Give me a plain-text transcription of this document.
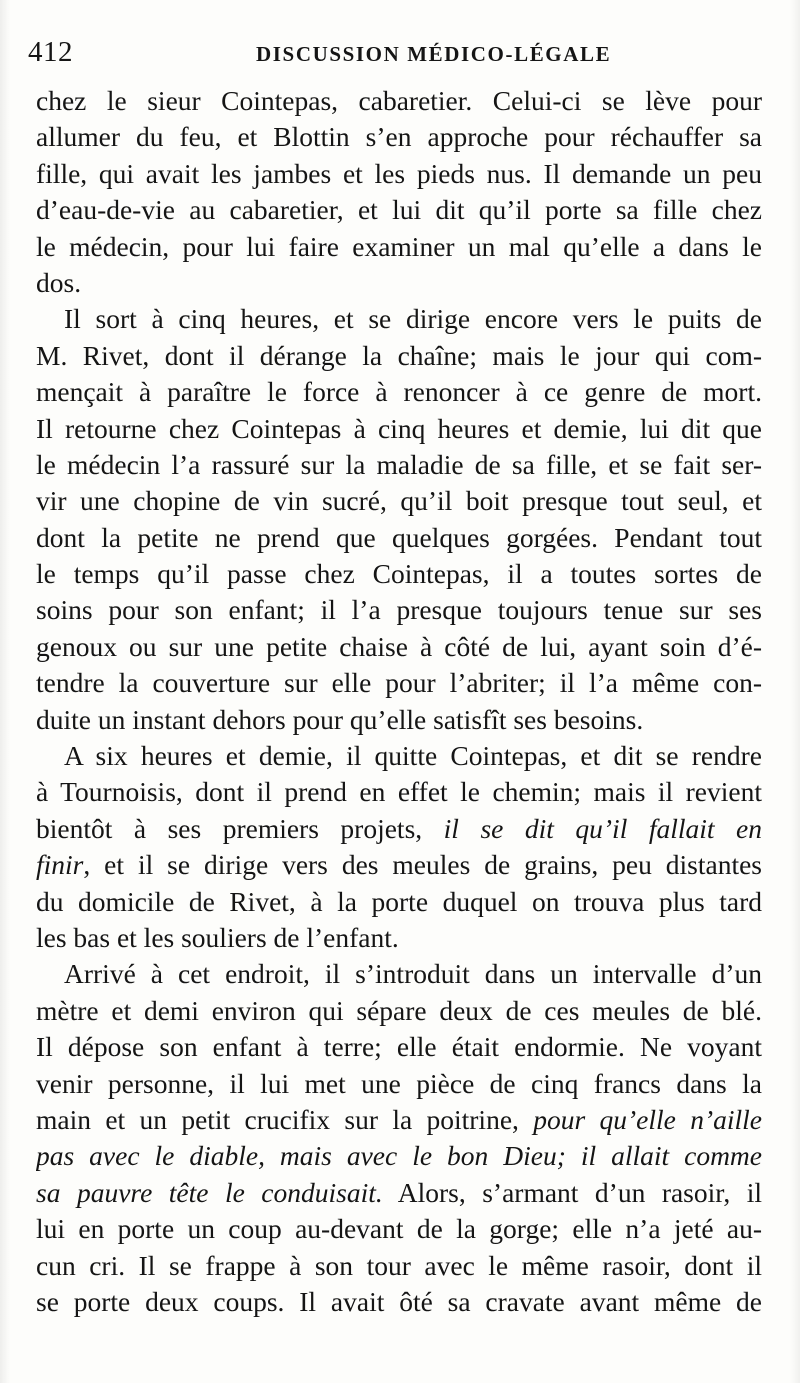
412	DISCUSSION MÉDICO-LÉGALE
chez le sieur Cointepas, cabaretier. Celui-ci se lève pour
allumer du feu, et Blottin s’en approche pour réchauffer sa
fille, qui avait les jambes et les pieds nus. Il demande un peu
d’eau-de-vie au cabaretier, et lui dit qu’il porte sa fille chez
le médecin, pour lui faire examiner un mal qu’elle a dans le
dos.
Il sort à cinq heures, et se dirige encore vers le puits de
M. Rivet, dont il dérange la chaîne; mais le jour qui com-
mençait à paraître le force à renoncer à ce genre de mort.
Il retourne chez Cointepas à cinq heures et demie, lui dit que
le médecin l’a rassuré sur la maladie de sa fille, et se fait ser-
vir une chopine de vin sucré, qu’il boit presque tout seul, et
dont la petite ne prend que quelques gorgées. Pendant tout
le temps qu’il passe chez Cointepas, il a toutes sortes de
soins pour son enfant; il l’a presque toujours tenue sur ses
genoux ou sur une petite chaise à côté de lui, ayant soin d’é-
tendre la couverture sur elle pour l’abriter; il l’a même con-
duite un instant dehors pour qu’elle satisfît ses besoins.
A six heures et demie, il quitte Cointepas, et dit se rendre
à Tournoisis, dont il prend en effet le chemin; mais il revient
bientôt à ses premiers projets, il se dit qu’il fallait en
finir, et il se dirige vers des meules de grains, peu distantes
du domicile de Rivet, à la porte duquel on trouva plus tard
les bas et les souliers de l’enfant.
Arrivé à cet endroit, il s’introduit dans un intervalle d’un
mètre et demi environ qui sépare deux de ces meules de blé.
Il dépose son enfant à terre; elle était endormie. Ne voyant
venir personne, il lui met une pièce de cinq francs dans la
main et un petit crucifix sur la poitrine, pour qu’elle n’aille
pas avec le diable, mais avec le bon Dieu; il allait comme
sa pauvre tête le conduisait. Alors, s’armant d’un rasoir, il
lui en porte un coup au-devant de la gorge; elle n’a jeté au-
cun cri. Il se frappe à son tour avec le même rasoir, dont il
se porte deux coups. Il avait ôté sa cravate avant même de
